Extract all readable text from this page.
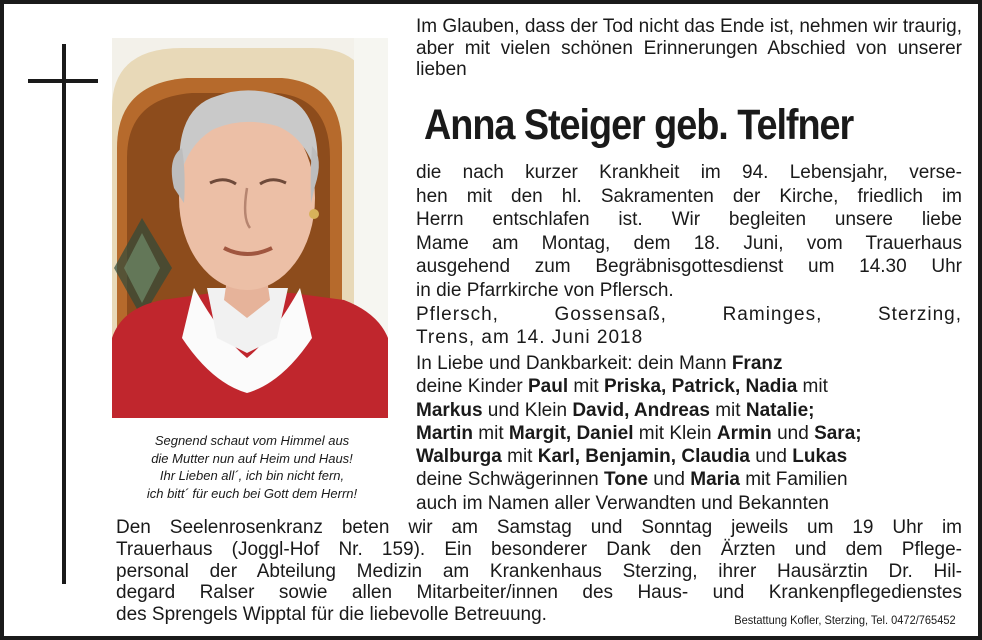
Segnend schaut vom Himmel aus
die Mutter nun auf Heim und Haus!
Ihr Lieben all´, ich bin nicht fern,
ich bitt´ für euch bei Gott dem Herrn!
Im Glauben, dass der Tod nicht das Ende ist, nehmen wir traurig, aber mit vielen schönen Erinnerungen Abschied von unserer lieben
Anna Steiger geb. Telfner
die nach kurzer Krankheit im 94. Lebensjahr, verse-
hen mit den hl. Sakramenten der Kirche, friedlich im
Herrn entschlafen ist. Wir begleiten unsere liebe
Mame am Montag, dem 18. Juni, vom Trauerhaus
ausgehend zum Begräbnisgottesdienst um 14.30 Uhr
in die Pfarrkirche von Pflersch.
Pflersch, Gossensaß, Raminges, Sterzing,
Trens, am 14. Juni 2018
In Liebe und Dankbarkeit: dein Mann Franz
deine Kinder Paul mit Priska, Patrick, Nadia mit
Markus und Klein David, Andreas mit Natalie;
Martin mit Margit, Daniel mit Klein Armin und Sara;
Walburga mit Karl, Benjamin, Claudia und Lukas
deine Schwägerinnen Tone und Maria mit Familien
auch im Namen aller Verwandten und Bekannten
Den Seelenrosenkranz beten wir am Samstag und Sonntag jeweils um 19 Uhr im
Trauerhaus (Joggl-Hof Nr. 159). Ein besonderer Dank den Ärzten und dem Pflege-
personal der Abteilung Medizin am Krankenhaus Sterzing, ihrer Hausärztin Dr. Hil-
degard Ralser sowie allen Mitarbeiter/innen des Haus- und Krankenpflegedienstes
des Sprengels Wipptal für die liebevolle Betreuung.	Bestattung Kofler, Sterzing, Tel. 0472/765452
